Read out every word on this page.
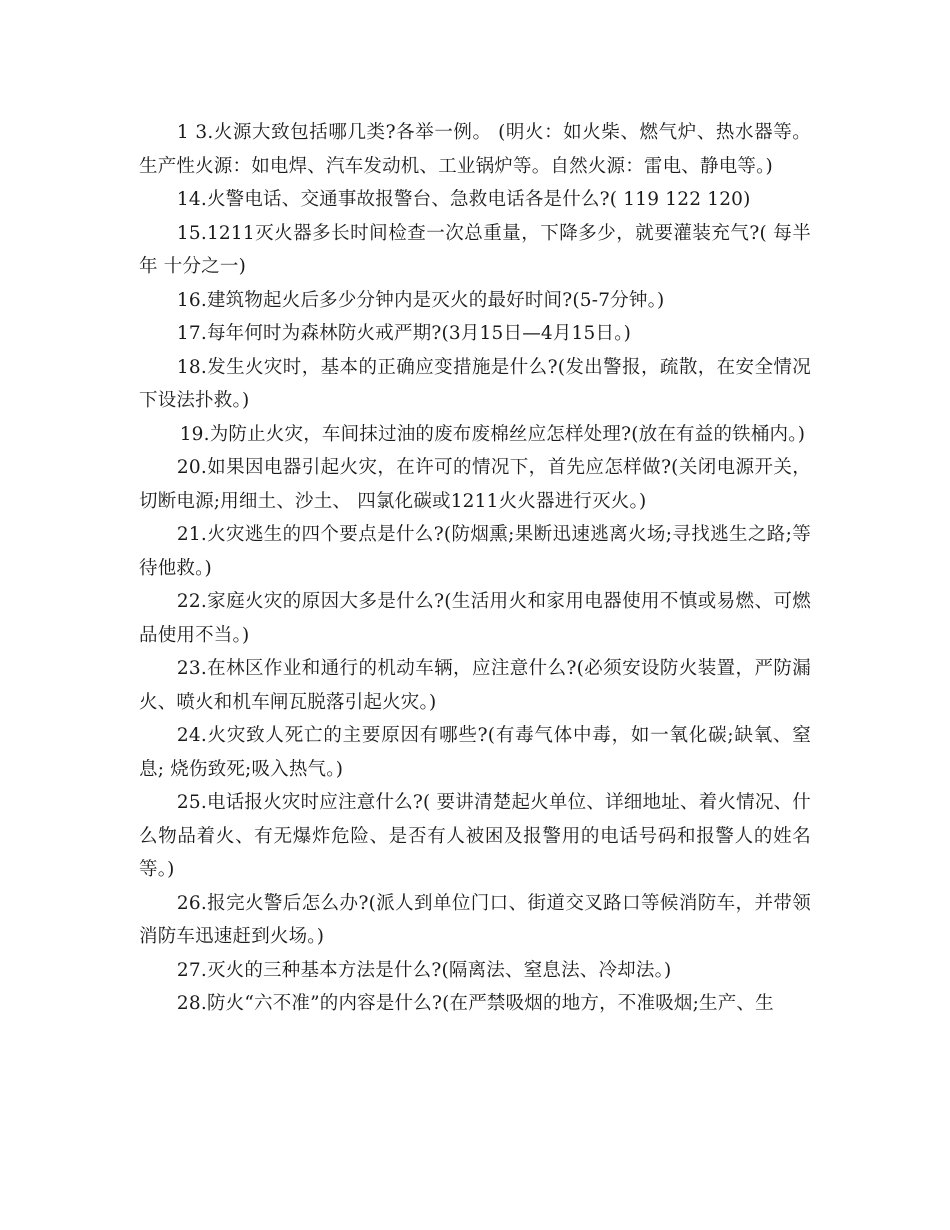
1 3.火源大致包括哪几类?各举一例。 (明火：如火柴、燃气炉、热水器等。生产性火源：如电焊、汽车发动机、工业锅炉等。自然火源：雷电、静电等。)

14.火警电话、交通事故报警台、急救电话各是什么?( 119 122 120)

15.1211灭火器多长时间检查一次总重量，下降多少，就要灌装充气?( 每半年 十分之一)

16.建筑物起火后多少分钟内是灭火的最好时间?(5-7分钟。)

17.每年何时为森林防火戒严期?(3月15日—4月15日。)

18.发生火灾时，基本的正确应变措施是什么?(发出警报，疏散，在安全情况下设法扑救。)

19.为防止火灾，车间抹过油的废布废棉丝应怎样处理?(放在有益的铁桶内。)

20.如果因电器引起火灾，在许可的情况下，首先应怎样做?(关闭电源开关，切断电源;用细土、沙土、 四氯化碳或1211火火器进行灭火。)

21.火灾逃生的四个要点是什么?(防烟熏;果断迅速逃离火场;寻找逃生之路;等待他救。)

22.家庭火灾的原因大多是什么?(生活用火和家用电器使用不慎或易燃、可燃品使用不当。)

23.在林区作业和通行的机动车辆，应注意什么?(必须安设防火装置，严防漏火、喷火和机车闸瓦脱落引起火灾。)

24.火灾致人死亡的主要原因有哪些?(有毒气体中毒，如一氧化碳;缺氧、窒息; 烧伤致死;吸入热气。)

25.电话报火灾时应注意什么?( 要讲清楚起火单位、详细地址、着火情况、什么物品着火、有无爆炸危险、是否有人被困及报警用的电话号码和报警人的姓名等。)

26.报完火警后怎么办?(派人到单位门口、街道交叉路口等候消防车，并带领消防车迅速赶到火场。)

27.灭火的三种基本方法是什么?(隔离法、窒息法、冷却法。)

28.防火“六不准”的内容是什么?(在严禁吸烟的地方，不准吸烟;生产、生
